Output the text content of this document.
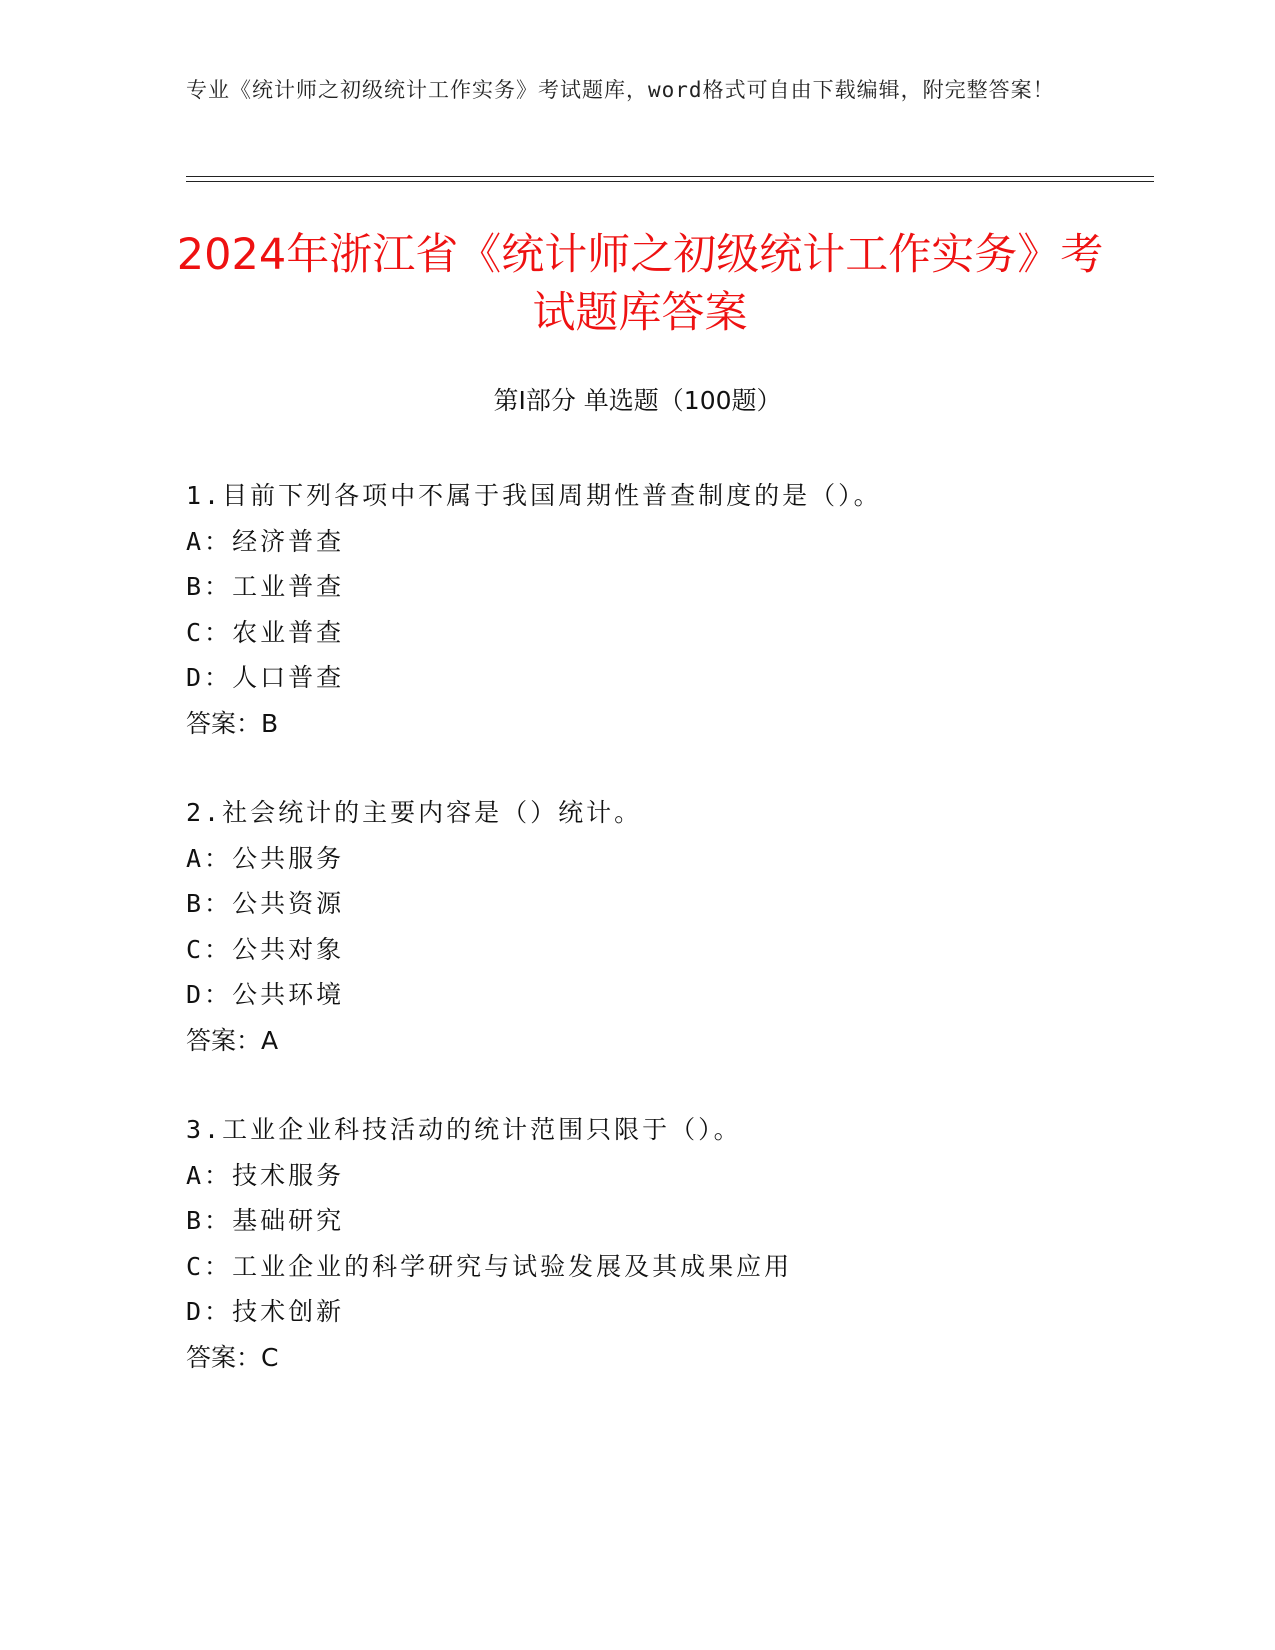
专业《统计师之初级统计工作实务》考试题库，word格式可自由下载编辑，附完整答案！
2024年浙江省《统计师之初级统计工作实务》考试题库答案
第I部分 单选题（100题）
1.目前下列各项中不属于我国周期性普查制度的是（）。
A：经济普查
B：工业普查
C：农业普查
D：人口普查
答案：B
2.社会统计的主要内容是（）统计。
A：公共服务
B：公共资源
C：公共对象
D：公共环境
答案：A
3.工业企业科技活动的统计范围只限于（）。
A：技术服务
B：基础研究
C：工业企业的科学研究与试验发展及其成果应用
D：技术创新
答案：C
